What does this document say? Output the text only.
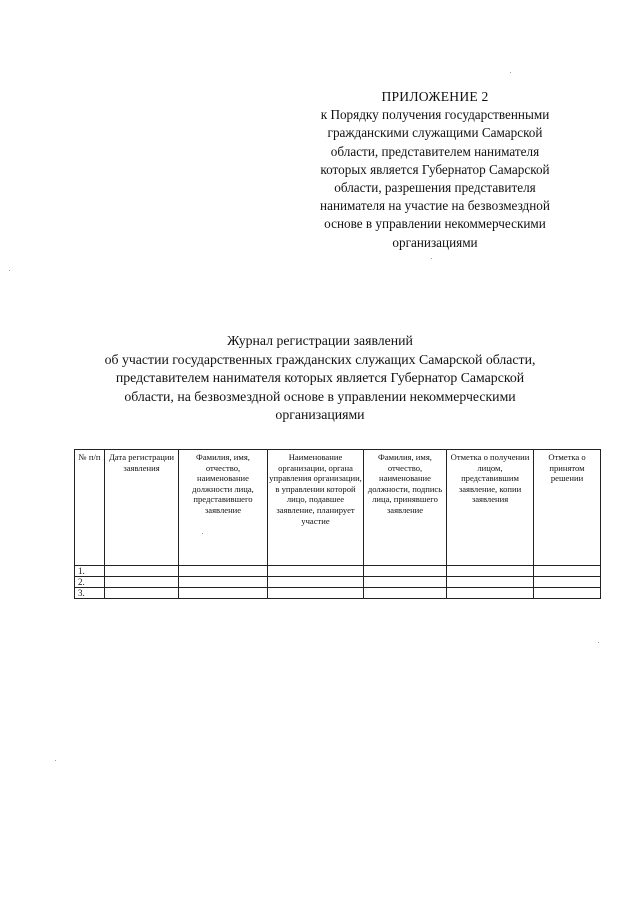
ПРИЛОЖЕНИЕ 2
к Порядку получения государственными
гражданскими служащими Самарской
области, представителем нанимателя
которых является Губернатор Самарской
области, разрешения представителя
нанимателя на участие на безвозмездной
основе в управлении некоммерческими
организациями
Журнал регистрации заявлений
об участии государственных гражданских служащих Самарской области,
представителем нанимателя которых является Губернатор Самарской
области, на безвозмездной основе в управлении некоммерческими
организациями
№ п/п	Дата регистрации заявления	Фамилия, имя, отчество, наименование должности лица, представившего заявление	Наименование организации, органа управления организации, в управлении которой лицо, подавшее заявление, планирует участие	Фамилия, имя, отчество, наименование должности, подпись лица, принявшего заявление	Отметка о получении лицом, представившим заявление, копии заявления	Отметка о принятом решении
1.						
2.						
3.						
